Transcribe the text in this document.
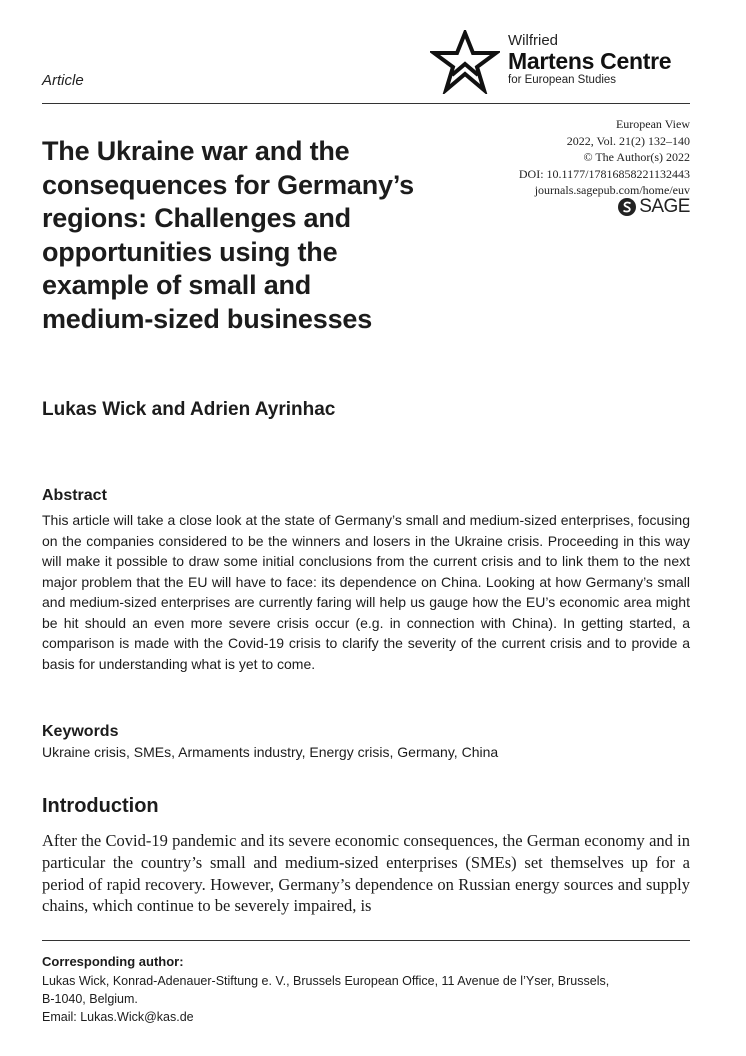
Article
Wilfried
Martens Centre
for European Studies
European View
2022, Vol. 21(2) 132–140
© The Author(s) 2022
DOI: 10.1177/17816858221132443
journals.sagepub.com/home/euv
SAGE
The Ukraine war and the
consequences for Germany’s
regions: Challenges and
opportunities using the
example of small and
medium-sized businesses
Lukas Wick and Adrien Ayrinhac
Abstract
This article will take a close look at the state of Germany’s small and medium-sized enterprises, focusing on the companies considered to be the winners and losers in the Ukraine crisis. Proceeding in this way will make it possible to draw some initial conclusions from the current crisis and to link them to the next major problem that the EU will have to face: its dependence on China. Looking at how Germany’s small and medium-sized enterprises are currently faring will help us gauge how the EU’s economic area might be hit should an even more severe crisis occur (e.g. in connection with China). In getting started, a comparison is made with the Covid-19 crisis to clarify the severity of the current crisis and to provide a basis for understanding what is yet to come.
Keywords
Ukraine crisis, SMEs, Armaments industry, Energy crisis, Germany, China
Introduction
After the Covid-19 pandemic and its severe economic consequences, the German economy and in particular the country’s small and medium-sized enterprises (SMEs) set themselves up for a period of rapid recovery. However, Germany’s dependence on Russian energy sources and supply chains, which continue to be severely impaired, is
Corresponding author:
Lukas Wick, Konrad-Adenauer-Stiftung e. V., Brussels European Office, 11 Avenue de l’Yser, Brussels,
B-1040, Belgium.
Email: Lukas.Wick@kas.de
